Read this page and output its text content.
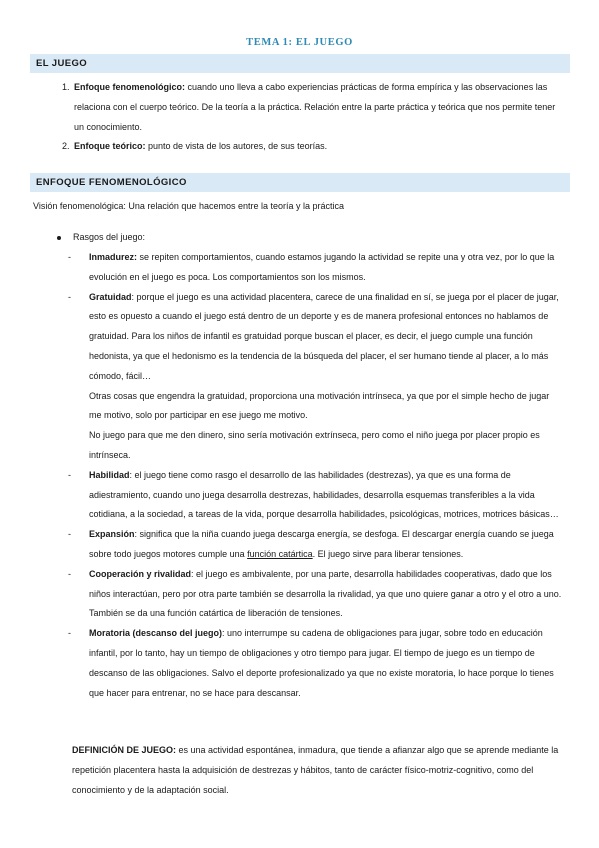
TEMA 1: EL JUEGO
EL JUEGO
1. Enfoque fenomenológico: cuando uno lleva a cabo experiencias prácticas de forma empírica y las observaciones las relaciona con el cuerpo teórico. De la teoría a la práctica. Relación entre la parte práctica y teórica que nos permite tener un conocimiento.
2. Enfoque teórico: punto de vista de los autores, de sus teorías.
ENFOQUE FENOMENOLÓGICO
Visión fenomenológica: Una relación que hacemos entre la teoría y la práctica
Rasgos del juego:
- Inmadurez: se repiten comportamientos, cuando estamos jugando la actividad se repite una y otra vez, por lo que la evolución en el juego es poca. Los comportamientos son los mismos.
- Gratuidad: porque el juego es una actividad placentera, carece de una finalidad en sí, se juega por el placer de jugar, esto es opuesto a cuando el juego está dentro de un deporte y es de manera profesional entonces no hablamos de gratuidad. Para los niños de infantil es gratuidad porque buscan el placer, es decir, el juego cumple una función hedonista, ya que el hedonismo es la tendencia de la búsqueda del placer, el ser humano tiende al placer, a lo más cómodo, fácil…
Otras cosas que engendra la gratuidad, proporciona una motivación intrínseca, ya que por el simple hecho de jugar me motivo, solo por participar en ese juego me motivo.
No juego para que me den dinero, sino sería motivación extrínseca, pero como el niño juega por placer propio es intrínseca.
- Habilidad: el juego tiene como rasgo el desarrollo de las habilidades (destrezas), ya que es una forma de adiestramiento, cuando uno juega desarrolla destrezas, habilidades, desarrolla esquemas transferibles a la vida cotidiana, a la sociedad, a tareas de la vida, porque desarrolla habilidades, psicológicas, motrices, motrices básicas…
- Expansión: significa que la niña cuando juega descarga energía, se desfoga. El descargar energía cuando se juega sobre todo juegos motores cumple una función catártica. El juego sirve para liberar tensiones.
- Cooperación y rivalidad: el juego es ambivalente, por una parte, desarrolla habilidades cooperativas, dado que los niños interactúan, pero por otra parte también se desarrolla la rivalidad, ya que uno quiere ganar a otro y el otro a uno. También se da una función catártica de liberación de tensiones.
- Moratoria (descanso del juego): uno interrumpe su cadena de obligaciones para jugar, sobre todo en educación infantil, por lo tanto, hay un tiempo de obligaciones y otro tiempo para jugar. El tiempo de juego es un tiempo de descanso de las obligaciones. Salvo el deporte profesionalizado ya que no existe moratoria, lo hace porque lo tienes que hacer para entrenar, no se hace para descansar.
DEFINICIÓN DE JUEGO: es una actividad espontánea, inmadura, que tiende a afianzar algo que se aprende mediante la repetición placentera hasta la adquisición de destrezas y hábitos, tanto de carácter físico-motriz-cognitivo, como del conocimiento y de la adaptación social.
